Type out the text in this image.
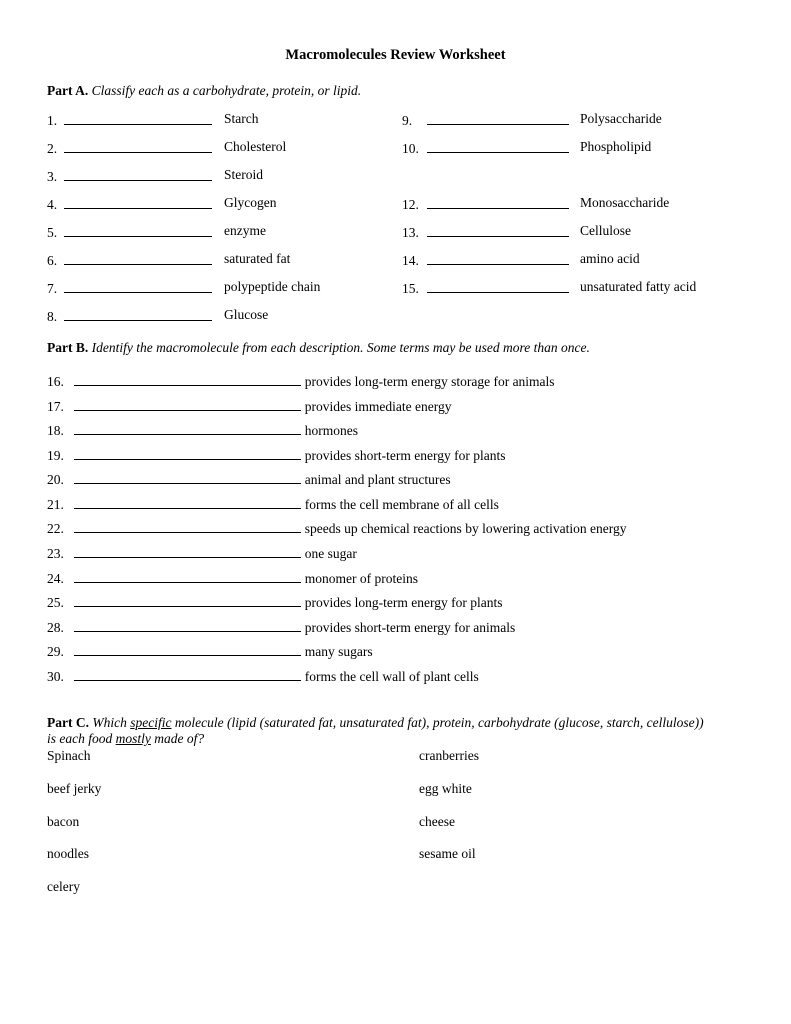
Macromolecules Review Worksheet
Part A. Classify each as a carbohydrate, protein, or lipid.
1.	Starch
2.	Cholesterol
3.	Steroid
4.	Glycogen
5.	enzyme
6.	saturated fat
7.	polypeptide chain
8.	Glucose
9.	Polysaccharide
10.	Phospholipid
12.	Monosaccharide
13.	Cellulose
14.	amino acid
15.	unsaturated fatty acid
Part B. Identify the macromolecule from each description. Some terms may be used more than once.
16.	provides long-term energy storage for animals
17.	provides immediate energy
18.	hormones
19.	provides short-term energy for plants
20.	animal and plant structures
21.	forms the cell membrane of all cells
22.	speeds up chemical reactions by lowering activation energy
23.	one sugar
24.	monomer of proteins
25.	provides long-term energy for plants
28.	provides short-term energy for animals
29.	many sugars
30.	forms the cell wall of plant cells
Part C. Which specific molecule (lipid (saturated fat, unsaturated fat), protein, carbohydrate (glucose, starch, cellulose))
is each food mostly made of?
Spinach
beef jerky
bacon
noodles
celery
cranberries
egg white
cheese
sesame oil
